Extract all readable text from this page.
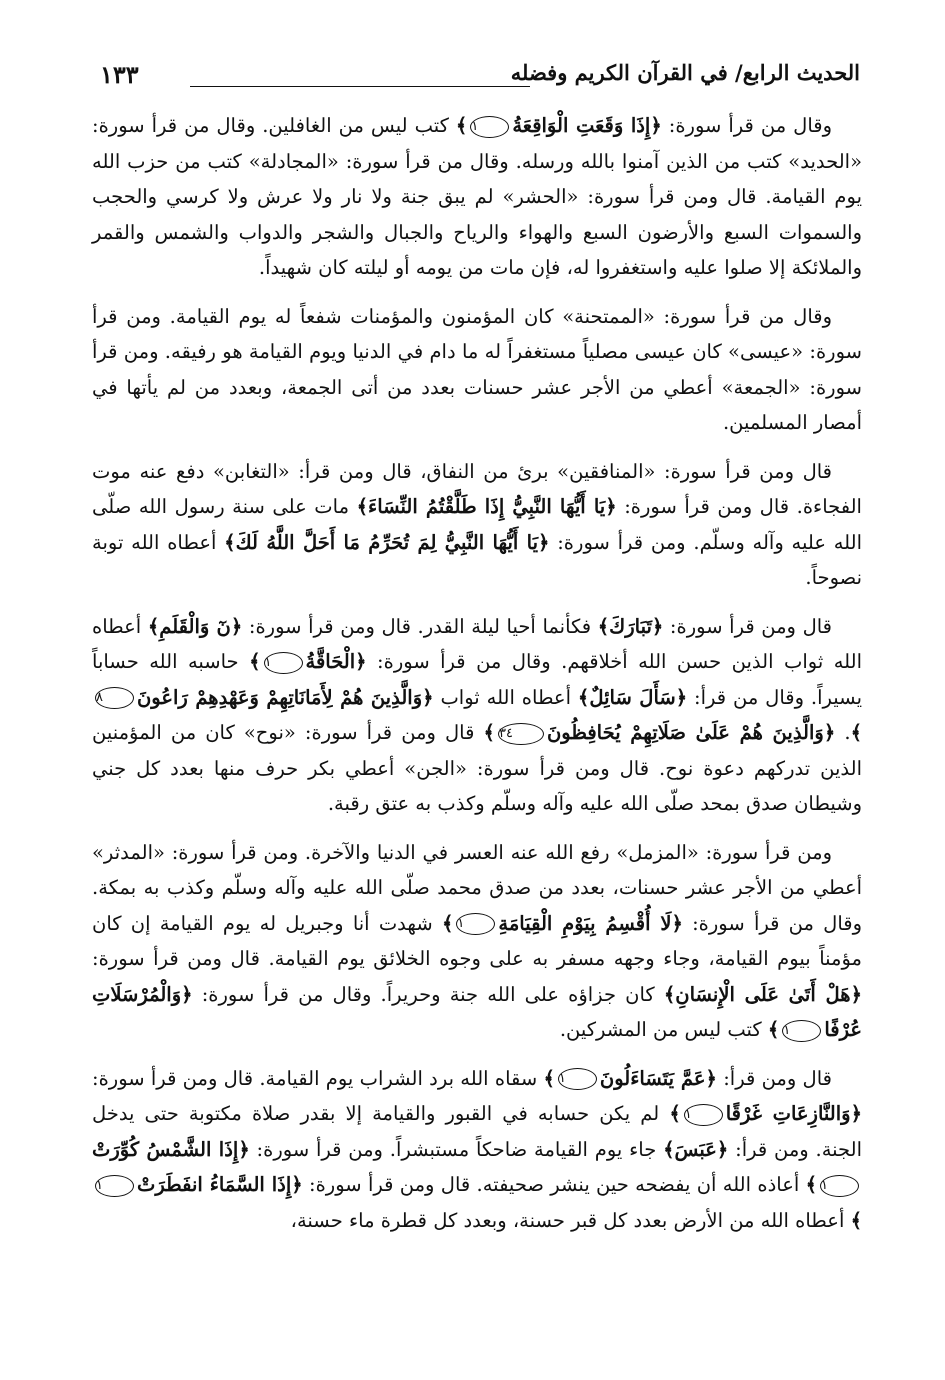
الحديث الرابع/ في القرآن الكريم وفضله
١٣٣

وقال من قرأ سورة: ﴿إِذَا وَقَعَتِ الْوَاقِعَةُ١﴾ كتب ليس من الغافلين. وقال من قرأ سورة: «الحديد» كتب من الذين آمنوا بالله ورسله. وقال من قرأ سورة: «المجادلة» كتب من حزب الله يوم القيامة. قال ومن قرأ سورة: «الحشر» لم يبق جنة ولا نار ولا عرش ولا كرسي والحجب والسموات السبع والأرضون السبع والهواء والرياح والجبال والشجر والدواب والشمس والقمر والملائكة إلا صلوا عليه واستغفروا له، فإن مات من يومه أو ليلته كان شهيداً.

وقال من قرأ سورة: «الممتحنة» كان المؤمنون والمؤمنات شفعاً له يوم القيامة. ومن قرأ سورة: «عيسى» كان عيسى مصلياً مستغفراً له ما دام في الدنيا ويوم القيامة هو رفيقه. ومن قرأ سورة: «الجمعة» أعطي من الأجر عشر حسنات بعدد من أتى الجمعة، وبعدد من لم يأتها في أمصار المسلمين.

قال ومن قرأ سورة: «المنافقين» برئ من النفاق، قال ومن قرأ: «التغابن» دفع عنه موت الفجاءة. قال ومن قرأ سورة: ﴿يَا أَيُّهَا النَّبِيُّ إِذَا طَلَّقْتُمُ النِّسَاءَ﴾ مات على سنة رسول الله صلّى الله عليه وآله وسلّم. ومن قرأ سورة: ﴿يَا أَيُّهَا النَّبِيُّ لِمَ تُحَرِّمُ مَا أَحَلَّ اللَّهُ لَكَ﴾ أعطاه الله توبة نصوحاً.

قال ومن قرأ سورة: ﴿تَبَارَكَ﴾ فكأنما أحيا ليلة القدر. قال ومن قرأ سورة: ﴿نٓ وَالْقَلَمِ﴾ أعطاه الله ثواب الذين حسن الله أخلاقهم. وقال من قرأ سورة: ﴿الْحَاقَّةُ١﴾ حاسبه الله حساباً يسيراً. وقال من قرأ: ﴿سَأَلَ سَائِلٌ﴾ أعطاه الله ثواب ﴿وَالَّذِينَ هُمْ لِأَمَانَاتِهِمْ وَعَهْدِهِمْ رَاعُونَ٨﴾. ﴿وَالَّذِينَ هُمْ عَلَىٰ صَلَاتِهِمْ يُحَافِظُونَ٣٤﴾ قال ومن قرأ سورة: «نوح» كان من المؤمنين الذين تدركهم دعوة نوح. قال ومن قرأ سورة: «الجن» أعطي بكر حرف منها بعدد كل جني وشيطان صدق بمحد صلّى الله عليه وآله وسلّم وكذب به عتق رقبة.

ومن قرأ سورة: «المزمل» رفع الله عنه العسر في الدنيا والآخرة. ومن قرأ سورة: «المدثر» أعطي من الأجر عشر حسنات، بعدد من صدق محمد صلّى الله عليه وآله وسلّم وكذب به بمكة. وقال من قرأ سورة: ﴿لَا أُقْسِمُ بِيَوْمِ الْقِيَامَةِ١﴾ شهدت أنا وجبريل له يوم القيامة إن كان مؤمناً بيوم القيامة، وجاء وجهه مسفر به على وجوه الخلائق يوم القيامة. قال ومن قرأ سورة: ﴿هَلْ أَتَىٰ عَلَى الْإِنسَانِ﴾ كان جزاؤه على الله جنة وحريراً. وقال من قرأ سورة: ﴿وَالْمُرْسَلَاتِ عُرْفًا١﴾ كتب ليس من المشركين.

قال ومن قرأ: ﴿عَمَّ يَتَسَاءَلُونَ١﴾ سقاه الله برد الشراب يوم القيامة. قال ومن قرأ سورة: ﴿وَالنَّازِعَاتِ غَرْقًا١﴾ لم يكن حسابه في القبور والقيامة إلا بقدر صلاة مكتوبة حتى يدخل الجنة. ومن قرأ: ﴿عَبَسَ﴾ جاء يوم القيامة ضاحكاً مستبشراً. ومن قرأ سورة: ﴿إِذَا الشَّمْسُ كُوِّرَتْ١﴾ أعاذه الله أن يفضحه حين ينشر صحيفته. قال ومن قرأ سورة: ﴿إِذَا السَّمَاءُ انفَطَرَتْ١﴾ أعطاه الله من الأرض بعدد كل قبر حسنة، وبعدد كل قطرة ماء حسنة،
